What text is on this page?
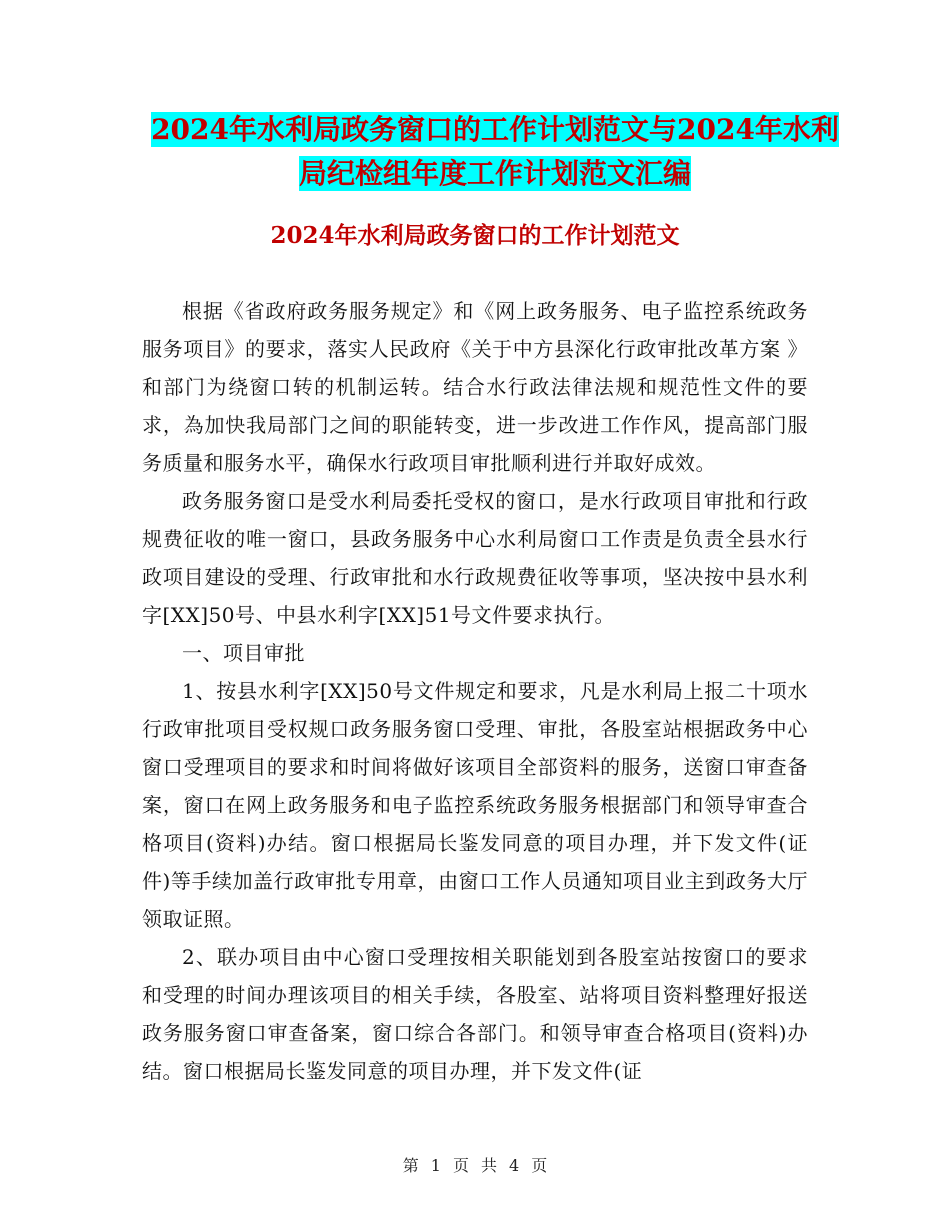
2024年水利局政务窗口的工作计划范文与2024年水利
局纪检组年度工作计划范文汇编
2024年水利局政务窗口的工作计划范文

根据《省政府政务服务规定》和《网上政务服务、电子监控系统政务服务项目》的要求，落实人民政府《关于中方县深化行政审批改革方案 》 和部门为绕窗口转的机制运转。结合水行政法律法规和规范性文件的要求，為加快我局部门之间的职能转变，进一步改进工作作风，提高部门服务质量和服务水平，确保水行政项目审批顺利进行并取好成效。

政务服务窗口是受水利局委托受权的窗口，是水行政项目审批和行政规费征收的唯一窗口，县政务服务中心水利局窗口工作责是负责全县水行政项目建设的受理、行政审批和水行政规费征收等事项，坚决按中县水利字[XX]50号、中县水利字[XX]51号文件要求执行。

一、项目审批

1、按县水利字[XX]50号文件规定和要求，凡是水利局上报二十项水行政审批项目受权规口政务服务窗口受理、审批，各股室站根据政务中心窗口受理项目的要求和时间将做好该项目全部资料的服务，送窗口审查备案，窗口在网上政务服务和电子监控系统政务服务根据部门和领导审查合格项目(资料)办结。窗口根据局长鉴发同意的项目办理，并下发文件(证件)等手续加盖行政审批专用章，由窗口工作人员通知项目业主到政务大厅领取证照。

2、联办项目由中心窗口受理按相关职能划到各股室站按窗口的要求和受理的时间办理该项目的相关手续，各股室、站将项目资料整理好报送政务服务窗口审查备案，窗口综合各部门。和领导审查合格项目(资料)办结。窗口根据局长鉴发同意的项目办理，并下发文件(证

第 1 页 共 4 页
